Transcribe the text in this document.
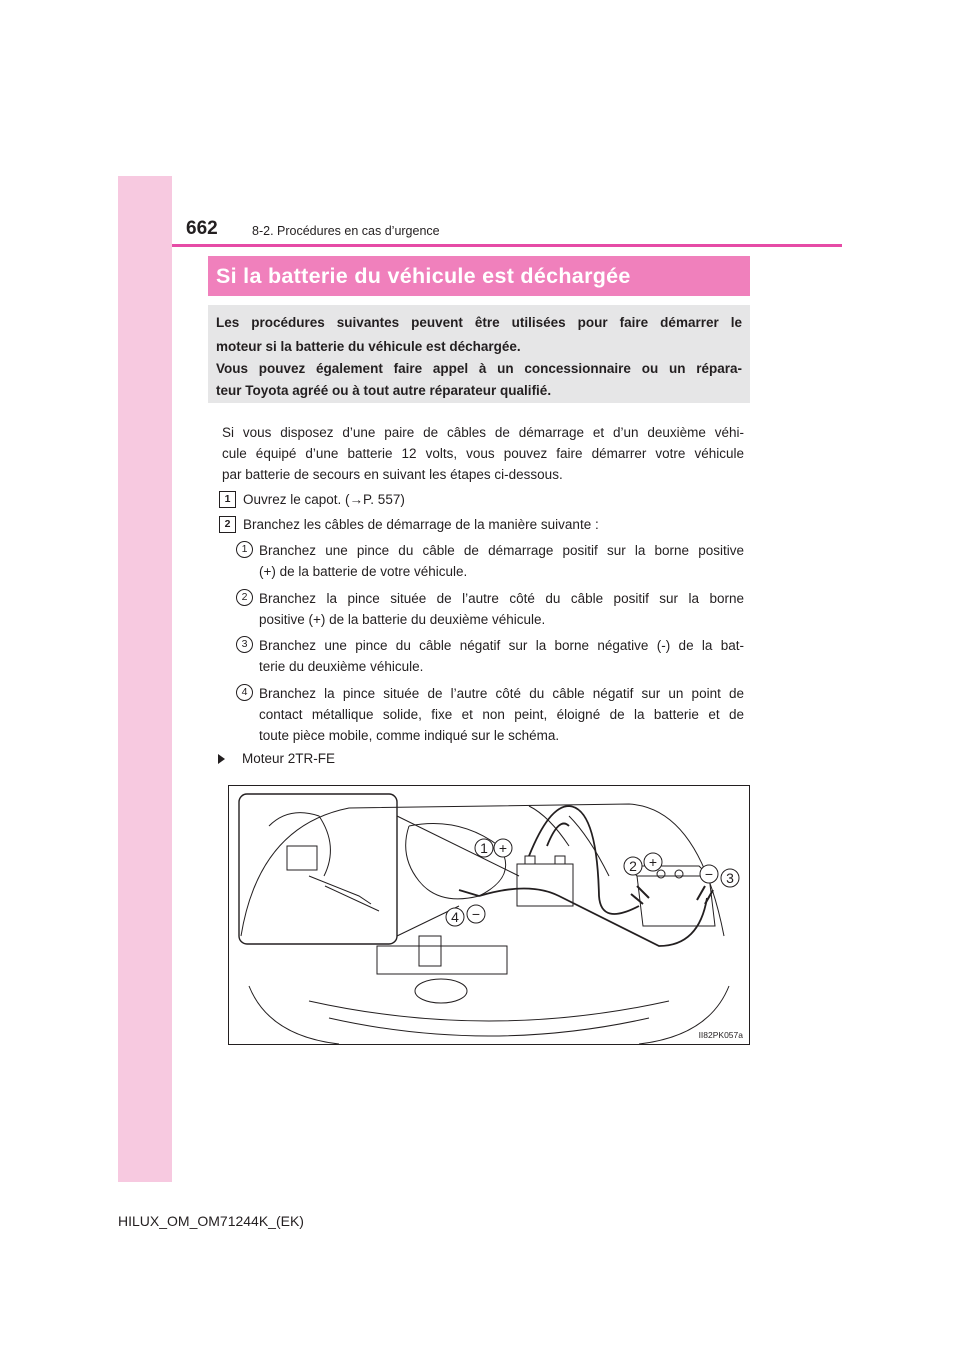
662	8-2. Procédures en cas d’urgence
Si la batterie du véhicule est déchargée
Les procédures suivantes peuvent être utilisées pour faire démarrer le
moteur si la batterie du véhicule est déchargée.
Vous pouvez également faire appel à un concessionnaire ou un répara-
teur Toyota agréé ou à tout autre réparateur qualifié.
Si vous disposez d’une paire de câbles de démarrage et d’un deuxième véhi-
cule équipé d’une batterie 12 volts, vous pouvez faire démarrer votre véhicule
par batterie de secours en suivant les étapes ci-dessous.
1 Ouvrez le capot. (→P. 557)
2 Branchez les câbles de démarrage de la manière suivante :
1 Branchez une pince du câble de démarrage positif sur la borne positive
(+) de la batterie de votre véhicule.
2 Branchez la pince située de l’autre côté du câble positif sur la borne
positive (+) de la batterie du deuxième véhicule.
3 Branchez une pince du câble négatif sur la borne négative (-) de la bat-
terie du deuxième véhicule.
4 Branchez la pince située de l’autre côté du câble négatif sur un point de
contact métallique solide, fixe et non peint, éloigné de la batterie et de
toute pièce mobile, comme indiqué sur le schéma.
Moteur 2TR-FE
1 +
2 +
− 3
4 −
II82PK057a
HILUX_OM_OM71244K_(EK)
